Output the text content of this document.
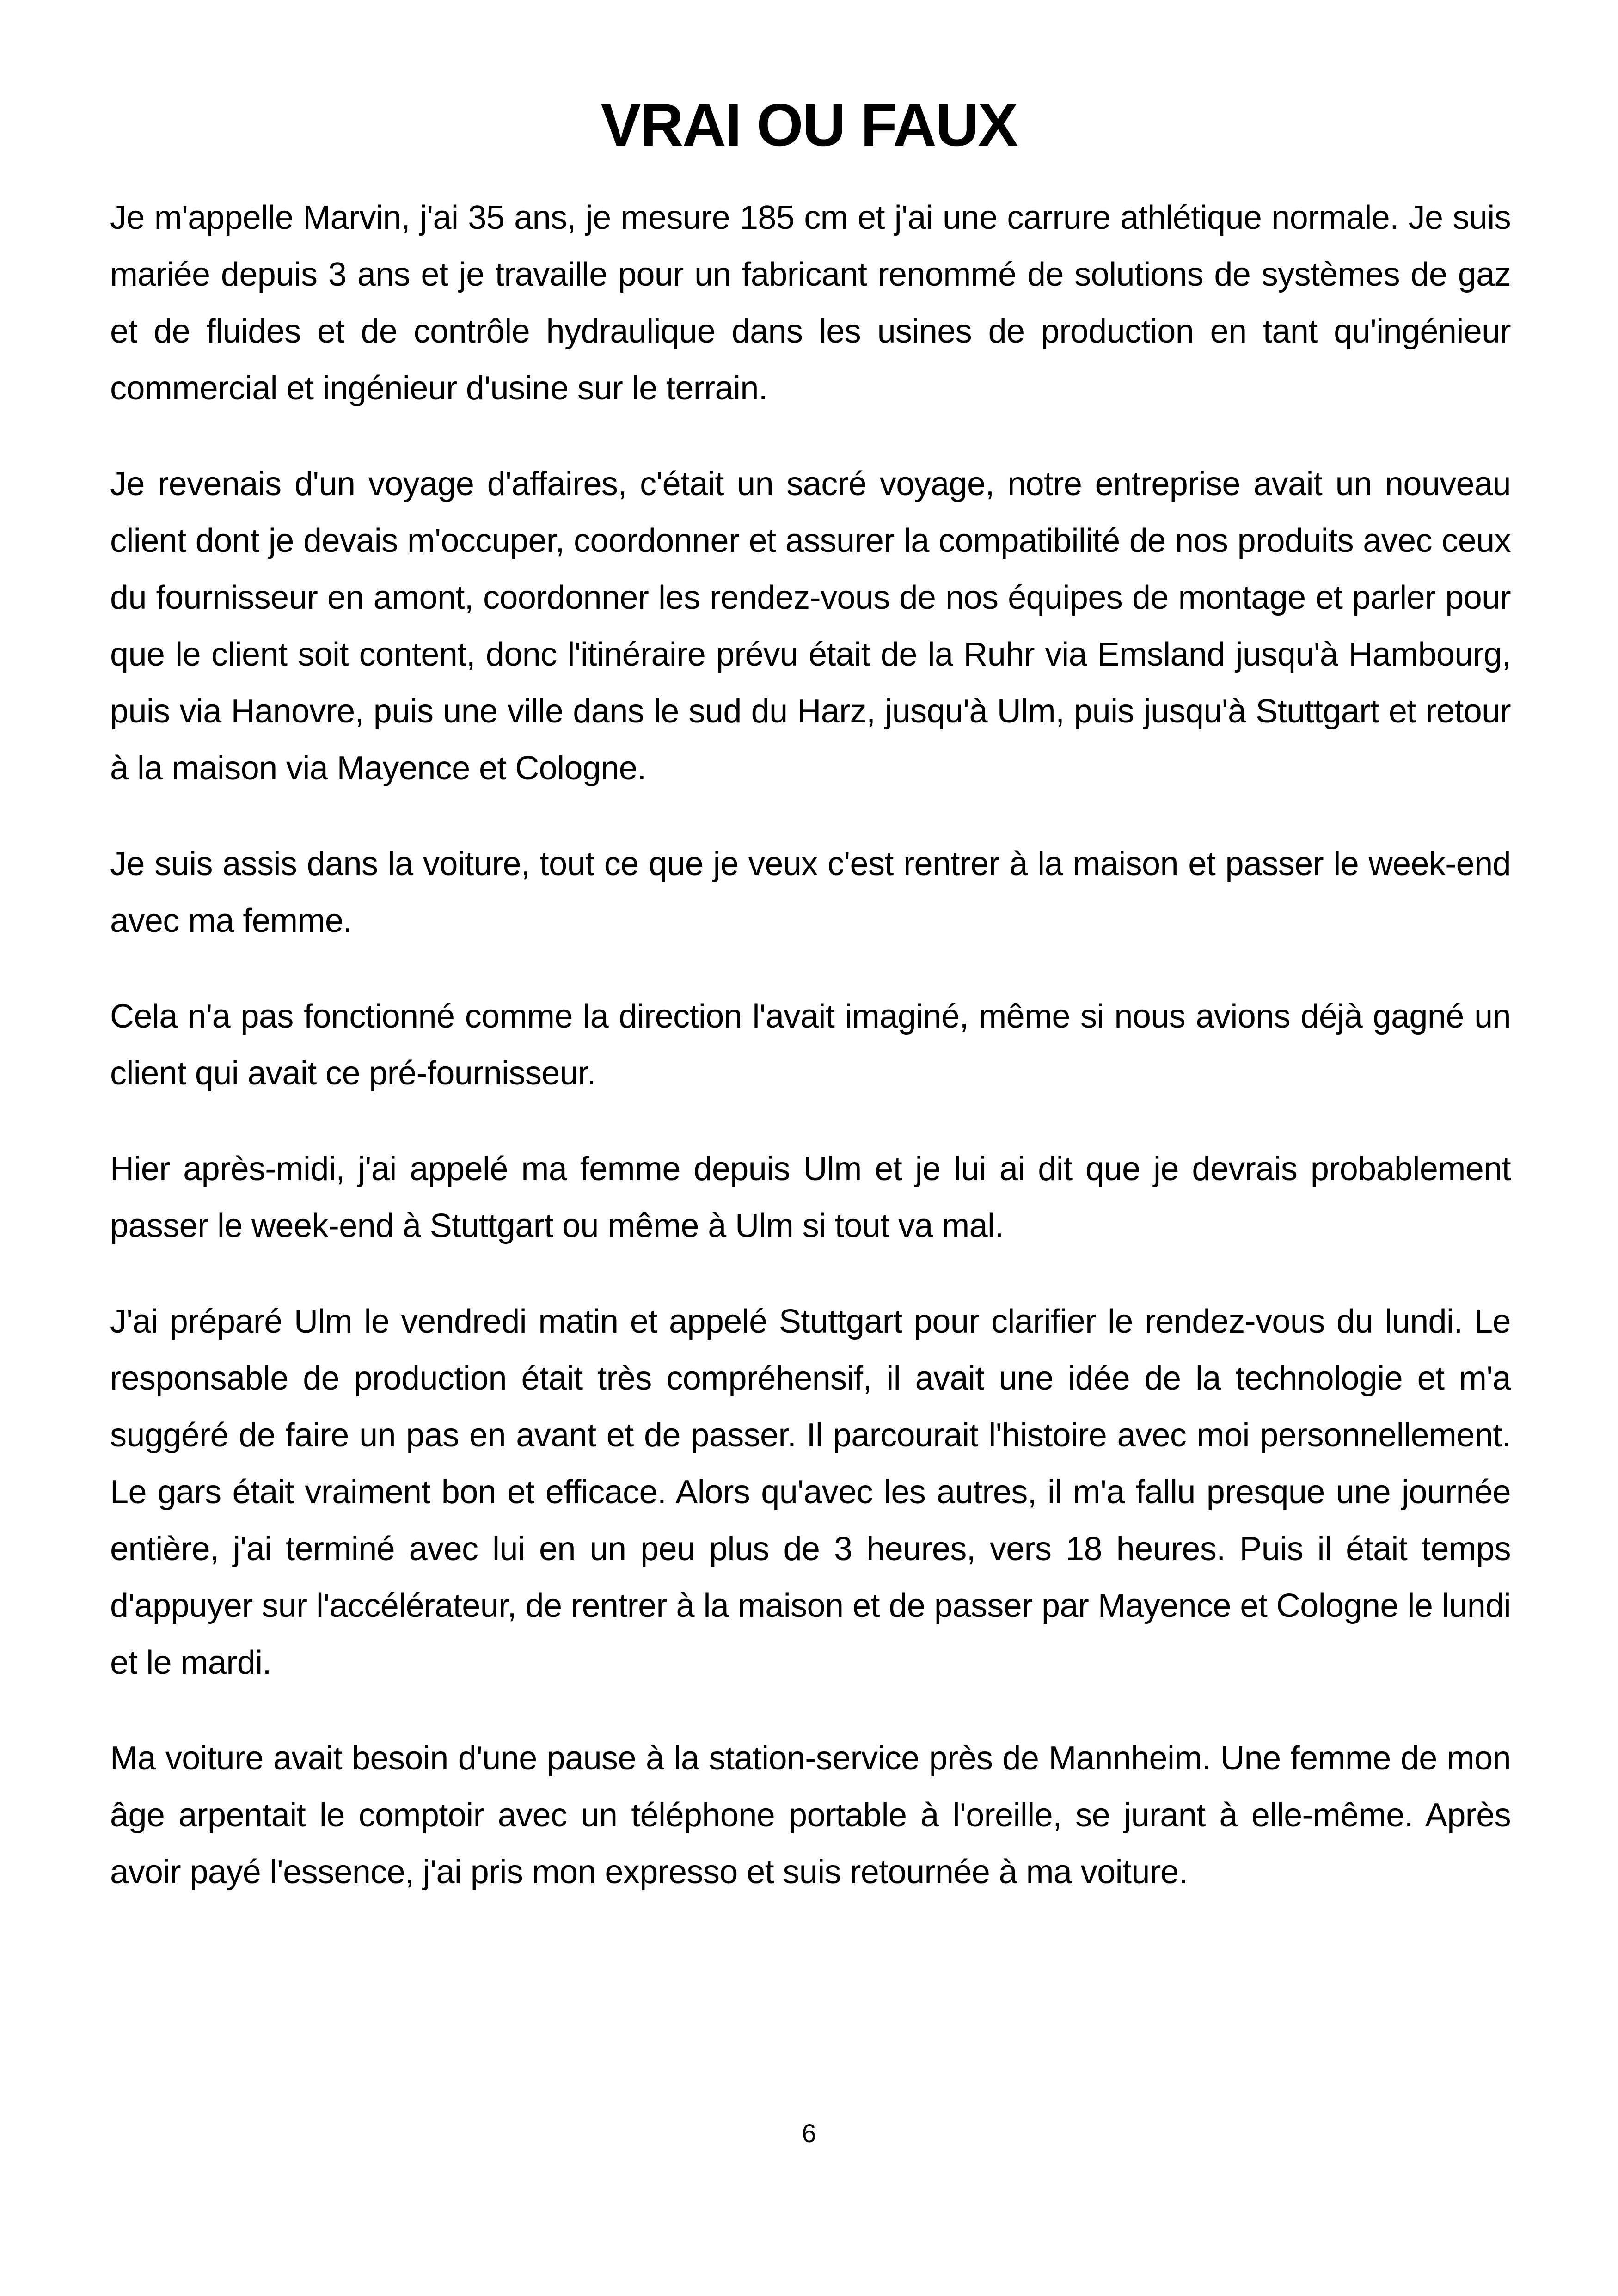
VRAI OU FAUX

Je m'appelle Marvin, j'ai 35 ans, je mesure 185 cm et j'ai une carrure athlétique normale. Je suis mariée depuis 3 ans et je travaille pour un fabricant renommé de solutions de systèmes de gaz et de fluides et de contrôle hydraulique dans les usines de production en tant qu'ingénieur commercial et ingénieur d'usine sur le terrain.

Je revenais d'un voyage d'affaires, c'était un sacré voyage, notre entreprise avait un nouveau client dont je devais m'occuper, coordonner et assurer la compatibilité de nos produits avec ceux du fournisseur en amont, coordonner les rendez-vous de nos équipes de montage et parler pour que le client soit content, donc l'itinéraire prévu était de la Ruhr via Emsland jusqu'à Hambourg, puis via Hanovre, puis une ville dans le sud du Harz, jusqu'à Ulm, puis jusqu'à Stuttgart et retour à la maison via Mayence et Cologne.

Je suis assis dans la voiture, tout ce que je veux c'est rentrer à la maison et passer le week-end avec ma femme.

Cela n'a pas fonctionné comme la direction l'avait imaginé, même si nous avions déjà gagné un client qui avait ce pré-fournisseur.

Hier après-midi, j'ai appelé ma femme depuis Ulm et je lui ai dit que je devrais probablement passer le week-end à Stuttgart ou même à Ulm si tout va mal.

J'ai préparé Ulm le vendredi matin et appelé Stuttgart pour clarifier le rendez-vous du lundi. Le responsable de production était très compréhensif, il avait une idée de la technologie et m'a suggéré de faire un pas en avant et de passer. Il parcourait l'histoire avec moi personnellement. Le gars était vraiment bon et efficace. Alors qu'avec les autres, il m'a fallu presque une journée entière, j'ai terminé avec lui en un peu plus de 3 heures, vers 18 heures. Puis il était temps d'appuyer sur l'accélérateur, de rentrer à la maison et de passer par Mayence et Cologne le lundi et le mardi.

Ma voiture avait besoin d'une pause à la station-service près de Mannheim. Une femme de mon âge arpentait le comptoir avec un téléphone portable à l'oreille, se jurant à elle-même. Après avoir payé l'essence, j'ai pris mon expresso et suis retournée à ma voiture.

6
